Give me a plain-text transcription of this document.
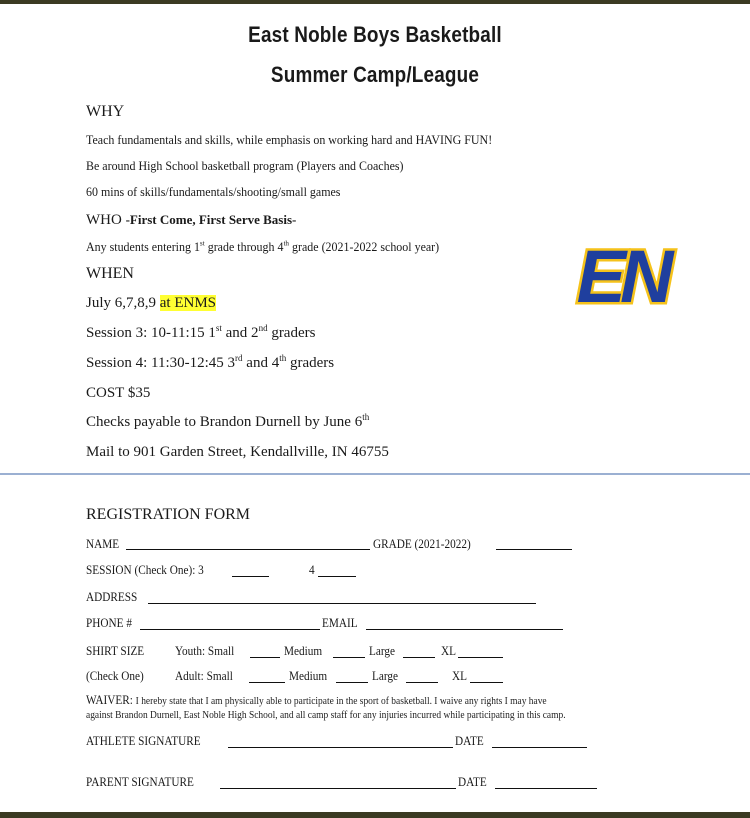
East Noble Boys Basketball
Summer Camp/League
WHY
Teach fundamentals and skills, while emphasis on working hard and HAVING FUN!
Be around High School basketball program (Players and Coaches)
60 mins of skills/fundamentals/shooting/small games
WHO -First Come, First Serve Basis-
Any students entering 1st grade through 4th grade (2021-2022 school year)
WHEN
July 6,7,8,9 at ENMS
Session 3: 10-11:15 1st and 2nd graders
Session 4: 11:30-12:45 3rd and 4th graders
COST $35
Checks payable to Brandon Durnell by June 6th
Mail to 901 Garden Street, Kendallville, IN 46755
EN
REGISTRATION FORM
NAME	GRADE (2021-2022)
SESSION (Check One): 3	4
ADDRESS
PHONE #	EMAIL
SHIRT SIZE Youth: Small	Medium	Large	XL
(Check One) Adult: Small	Medium	Large	XL
WAIVER: I hereby state that I am physically able to participate in the sport of basketball. I waive any rights I may have
against Brandon Durnell, East Noble High School, and all camp staff for any injuries incurred while participating in this camp.
ATHLETE SIGNATURE	DATE
PARENT SIGNATURE	DATE
